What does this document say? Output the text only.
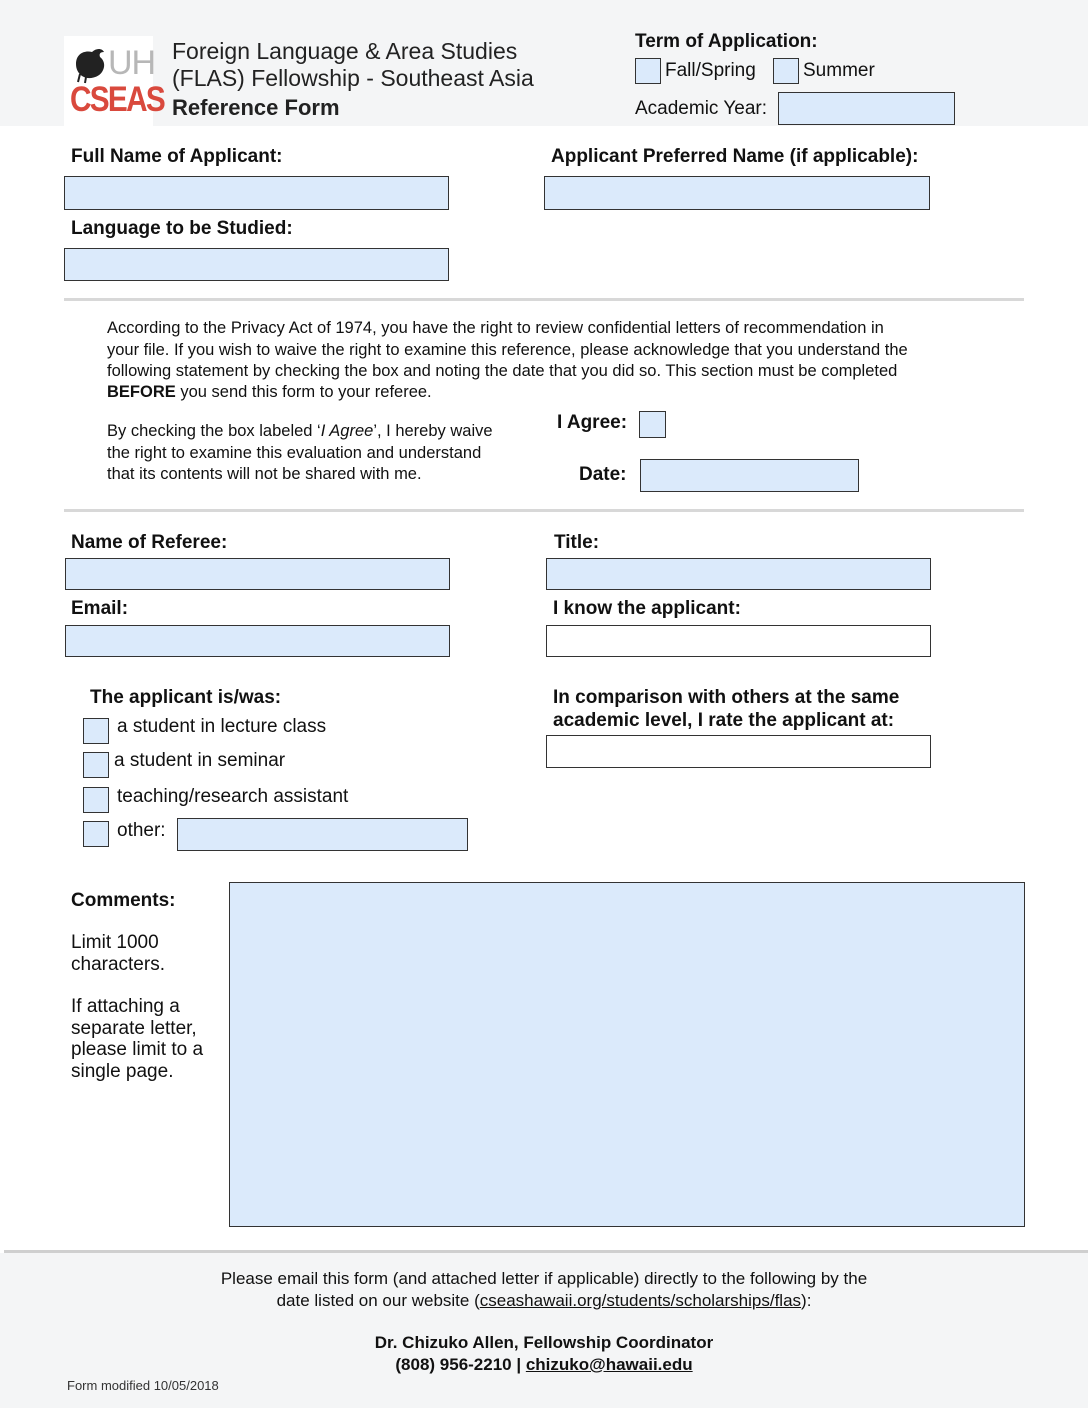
UH
CSEAS
Foreign Language & Area Studies
(FLAS) Fellowship - Southeast Asia
Reference Form
Term of Application:
Fall/Spring Summer
Academic Year:
Full Name of Applicant:	Applicant Preferred Name (if applicable):
Language to be Studied:
According to the Privacy Act of 1974, you have the right to review confidential letters of recommendation in
your file. If you wish to waive the right to examine this reference, please acknowledge that you understand the
following statement by checking the box and noting the date that you did so. This section must be completed
BEFORE you send this form to your referee.
By checking the box labeled ‘I Agree’, I hereby waive
the right to examine this evaluation and understand
that its contents will not be shared with me.
I Agree:
Date:
Name of Referee:	Title:
Email:	I know the applicant:
The applicant is/was:
a student in lecture class
a student in seminar
teaching/research assistant
other:
In comparison with others at the same
academic level, I rate the applicant at:
Comments:
Limit 1000
characters.
If attaching a
separate letter,
please limit to a
single page.
Please email this form (and attached letter if applicable) directly to the following by the
date listed on our website (cseashawaii.org/students/scholarships/flas):
Dr. Chizuko Allen, Fellowship Coordinator
(808) 956-2210 | chizuko@hawaii.edu
Form modified 10/05/2018
